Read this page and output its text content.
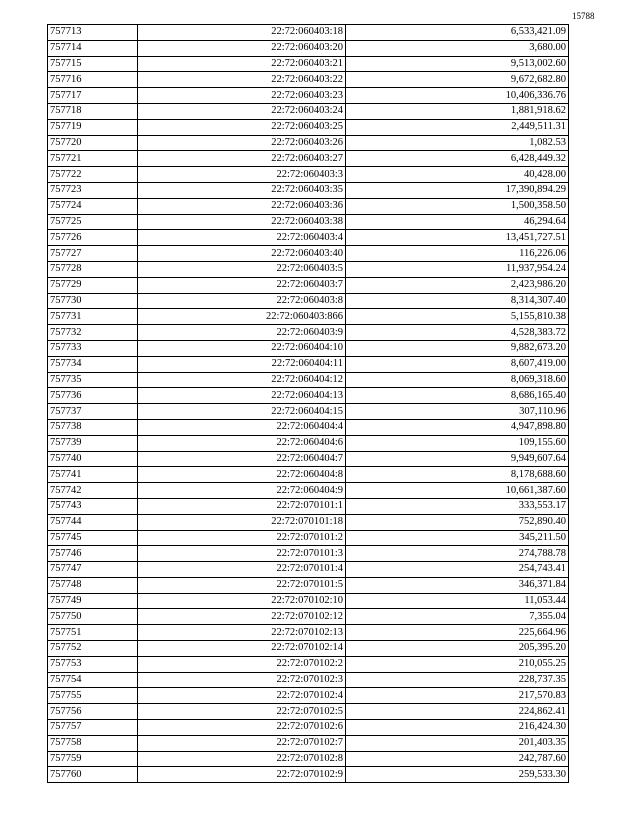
15788
757713	22:72:060403:18	6,533,421.09
757714	22:72:060403:20	3,680.00
757715	22:72:060403:21	9,513,002.60
757716	22:72:060403:22	9,672,682.80
757717	22:72:060403:23	10,406,336.76
757718	22:72:060403:24	1,881,918.62
757719	22:72:060403:25	2,449,511.31
757720	22:72:060403:26	1,082.53
757721	22:72:060403:27	6,428,449.32
757722	22:72:060403:3	40,428.00
757723	22:72:060403:35	17,390,894.29
757724	22:72:060403:36	1,500,358.50
757725	22:72:060403:38	46,294.64
757726	22:72:060403:4	13,451,727.51
757727	22:72:060403:40	116,226.06
757728	22:72:060403:5	11,937,954.24
757729	22:72:060403:7	2,423,986.20
757730	22:72:060403:8	8,314,307.40
757731	22:72:060403:866	5,155,810.38
757732	22:72:060403:9	4,528,383.72
757733	22:72:060404:10	9,882,673.20
757734	22:72:060404:11	8,607,419.00
757735	22:72:060404:12	8,069,318.60
757736	22:72:060404:13	8,686,165.40
757737	22:72:060404:15	307,110.96
757738	22:72:060404:4	4,947,898.80
757739	22:72:060404:6	109,155.60
757740	22:72:060404:7	9,949,607.64
757741	22:72:060404:8	8,178,688.60
757742	22:72:060404:9	10,661,387.60
757743	22:72:070101:1	333,553.17
757744	22:72:070101:18	752,890.40
757745	22:72:070101:2	345,211.50
757746	22:72:070101:3	274,788.78
757747	22:72:070101:4	254,743.41
757748	22:72:070101:5	346,371.84
757749	22:72:070102:10	11,053.44
757750	22:72:070102:12	7,355.04
757751	22:72:070102:13	225,664.96
757752	22:72:070102:14	205,395.20
757753	22:72:070102:2	210,055.25
757754	22:72:070102:3	228,737.35
757755	22:72:070102:4	217,570.83
757756	22:72:070102:5	224,862.41
757757	22:72:070102:6	216,424.30
757758	22:72:070102:7	201,403.35
757759	22:72:070102:8	242,787.60
757760	22:72:070102:9	259,533.30
